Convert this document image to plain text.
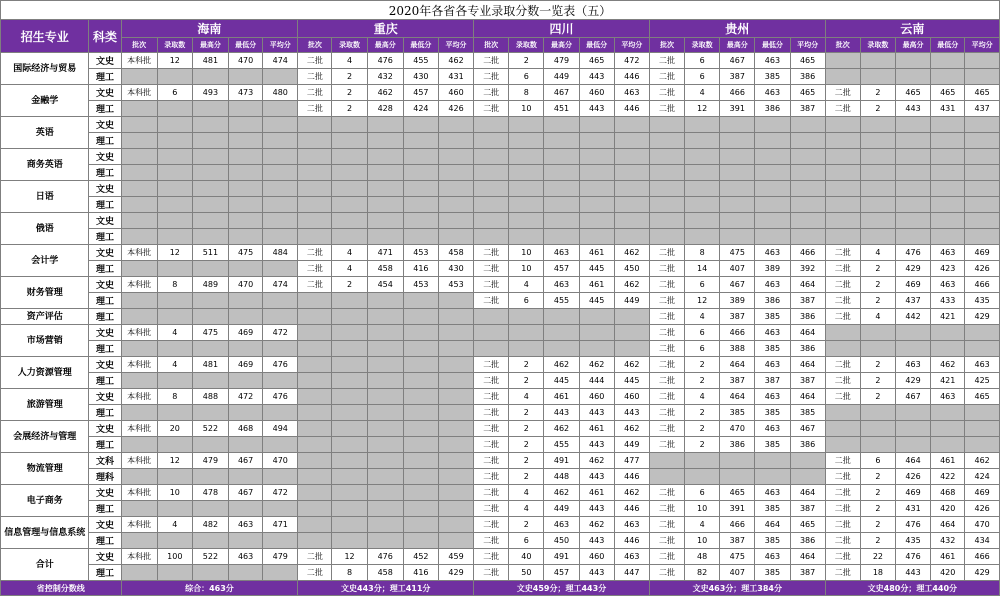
2020年各省各专业录取分数一览表（五）																										
招生专业	科类	海南					重庆					四川					贵州					云南				
		批次	录取数	最高分	最低分	平均分	批次	录取数	最高分	最低分	平均分	批次	录取数	最高分	最低分	平均分	批次	录取数	最高分	最低分	平均分	批次	录取数	最高分	最低分	平均分
国际经济与贸易	文史	本科批	12	481	470	474	二批	4	476	455	462	二批	2	479	465	472	二批	6	467	463	465					
	理工						二批	2	432	430	431	二批	6	449	443	446	二批	6	387	385	386					
金融学	文史	本科批	6	493	473	480	二批	2	462	457	460	二批	8	467	460	463	二批	4	466	463	465	二批	2	465	465	465
	理工						二批	2	428	424	426	二批	10	451	443	446	二批	12	391	386	387	二批	2	443	431	437
英语	文史																									
	理工																									
商务英语	文史																									
	理工																									
日语	文史																									
	理工																									
俄语	文史																									
	理工																									
会计学	文史	本科批	12	511	475	484	二批	4	471	453	458	二批	10	463	461	462	二批	8	475	463	466	二批	4	476	463	469
	理工						二批	4	458	416	430	二批	10	457	445	450	二批	14	407	389	392	二批	2	429	423	426
财务管理	文史	本科批	8	489	470	474	二批	2	454	453	453	二批	4	463	461	462	二批	6	467	463	464	二批	2	469	463	466
	理工											二批	6	455	445	449	二批	12	389	386	387	二批	2	437	433	435
资产评估	理工																二批	4	387	385	386	二批	4	442	421	429
市场营销	文史	本科批	4	475	469	472											二批	6	466	463	464					
	理工																二批	6	388	385	386					
人力资源管理	文史	本科批	4	481	469	476						二批	2	462	462	462	二批	2	464	463	464	二批	2	463	462	463
	理工											二批	2	445	444	445	二批	2	387	387	387	二批	2	429	421	425
旅游管理	文史	本科批	8	488	472	476						二批	4	461	460	460	二批	4	464	463	464	二批	2	467	463	465
	理工											二批	2	443	443	443	二批	2	385	385	385					
会展经济与管理	文史	本科批	20	522	468	494						二批	2	462	461	462	二批	2	470	463	467					
	理工											二批	2	455	443	449	二批	2	386	385	386					
物流管理	文科	本科批	12	479	467	470						二批	2	491	462	477						二批	6	464	461	462
	理科											二批	2	448	443	446						二批	2	426	422	424
电子商务	文史	本科批	10	478	467	472						二批	4	462	461	462	二批	6	465	463	464	二批	2	469	468	469
	理工											二批	4	449	443	446	二批	10	391	385	387	二批	2	431	420	426
信息管理与信息系统	文史	本科批	4	482	463	471						二批	2	463	462	463	二批	4	466	464	465	二批	2	476	464	470
	理工											二批	6	450	443	446	二批	10	387	385	386	二批	2	435	432	434
合计	文史	本科批	100	522	463	479	二批	12	476	452	459	二批	40	491	460	463	二批	48	475	463	464	二批	22	476	461	466
	理工						二批	8	458	416	429	二批	50	457	443	447	二批	82	407	385	387	二批	18	443	420	429
省控制分数线		综合：463分					文史443分；理工411分					文史459分；理工443分					文史463分；理工384分					文史480分；理工440分				
